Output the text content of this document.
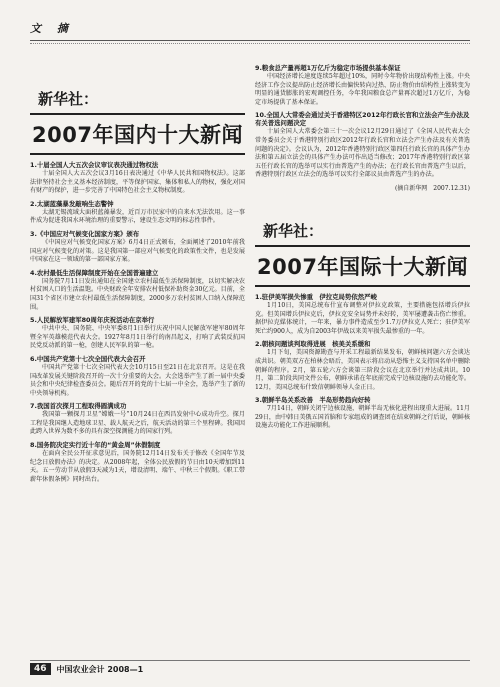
文 摘
新华社：
2007年国内十大新闻
1.十届全国人大五次会议审议表决通过物权法

十届全国人大五次会议3月16日表决通过《中华人民共和国物权法》。这部法律坚持社会主义基本经济制度，平等保护国家、集体和私人的物权，强化对国有财产的保护，进一步完善了中国特色社会主义物权制度。

2.太湖蓝藻暴发敲响生态警钟

太湖无锡流域大面积蓝藻暴发，近百万市民家中的自来水无法饮用。这一事件成为促进我国水环境治理的重要警示，建设生态文明的标志性事件。

3.《中国应对气候变化国家方案》颁布

《中国应对气候变化国家方案》6月4日正式颁布，全面阐述了2010年前我国应对气候变化的对策。这是我国第一部应对气候变化的政策性文件，也是发展中国家在这一领域的第一部国家方案。

4.农村最低生活保障制度开始在全国普遍建立

国务院7月11日发出通知在全国建立农村最低生活保障制度，以切实解决农村贫困人口的生活温饱。中央财政全年安排农村低保补助资金30亿元。目前，全国31个省区市建立农村最低生活保障制度，2000多万农村贫困人口纳入保障范围。

5.人民解放军建军80周年庆祝活动在京举行

中共中央、国务院、中央军委8月1日举行庆祝中国人民解放军建军80周年暨全军英雄模范代表大会。1927年8月1日举行的南昌起义，打响了武装反抗国民党反动派的第一枪，创建人民军队的第一枪。

6.中国共产党第十七次全国代表大会召开

中国共产党第十七次全国代表大会10月15日至21日在北京召开。这是在我国改革发展关键阶段召开的一次十分重要的大会。大会选举产生了新一届中央委员会和中央纪律检查委员会。随后召开的党的十七届一中全会，选举产生了新的中央领导机构。

7.我国首次探月工程取得圆满成功

我国第一颗探月卫星“嫦娥一号”10月24日在西昌发射中心成功升空。探月工程是我国继人造地球卫星、载人航天之后，航天活动的第三个里程碑。我国因此跨入世界为数不多的具有深空探测能力的国家行列。

8.国务院决定实行近十年的“黄金周”休假制度

在面向全民公开征求意见后，国务院12月14日发布关于修改《全国年节及纪念日放假办法》的决定。从2008年起，全体公民放假的节日由10天增加到11天。五一劳动节从放假3天减为1天，增设清明、端午、中秋三个假期。《职工带薪年休假条例》同时出台。

9.粮食总产量再超1万亿斤为稳定市场提供基本保证

中国经济增长速度连续5年超过10%，同时今年物价出现结构性上涨。中央经济工作会议提出防止经济增长由偏快转向过热、防止物价由结构性上涨转变为明显的通货膨胀的宏观调控任务，今年我国粮食总产量再次超过1万亿斤，为稳定市场提供了基本保证。

10.全国人大常委会通过关于香港特区2012年行政长官和立法会产生办法及有关普选问题决定

十届全国人大常委会第三十一次会议12月29日通过了《全国人民代表大会常务委员会关于香港特别行政区2012年行政长官和立法会产生办法及有关普选问题的决定》。会议认为，2012年香港特别行政区第四任行政长官的具体产生办法和第五届立法会的具体产生办法可作出适当修改；2017年香港特别行政区第五任行政长官的选举可以实行由普选产生的办法；在行政长官由普选产生以后，香港特别行政区立法会的选举可以实行全部议员由普选产生的办法。

(摘自新华网　2007.12.31)

新华社：
2007年国际十大新闻
1.驻伊美军损失惨重　伊拉克局势依然严峻

1月10日，美国总统布什宣布调整对伊拉克政策，主要措施包括增兵伊拉克。但美国增兵伊拉克后，伊拉克安全局势并未好转，美军屡遭袭击伤亡惨重。据伊拉克媒体统计，一年来，暴力事件造成至少1.7万伊拉克人死亡；驻伊美军死亡约900人，成为自2003年伊战以来美军损失最惨重的一年。

2.朝核问题谈判取得进展　核美关系缓和

1月下旬，美国资源勘查与开采工程最新结果发布，朝鲜核问题六方会谈达成共识。朝美双方在柏林会晤后，美国表示将启动从恐怖主义支持国名单中删除朝鲜的程序。2月，第五轮六方会谈第三阶段会议在北京举行并达成共识。10月，第二阶段共同文件公布，朝鲜承诺在年底前完成宁边核设施的去功能化等。12月，美国总统布什致信朝鲜领导人金正日。

3.朝鲜半岛关系改善　半岛形势趋向好转

7月14日，朝鲜关闭宁边核设施，朝鲜半岛无核化进程出现重大进展。11月29日，由中韩日美俄五国首脑和专家组成的调查团在结束朝鲜之行后说，朝鲜核设施去功能化工作进展顺利。

46	中国农业会计 2008—1
